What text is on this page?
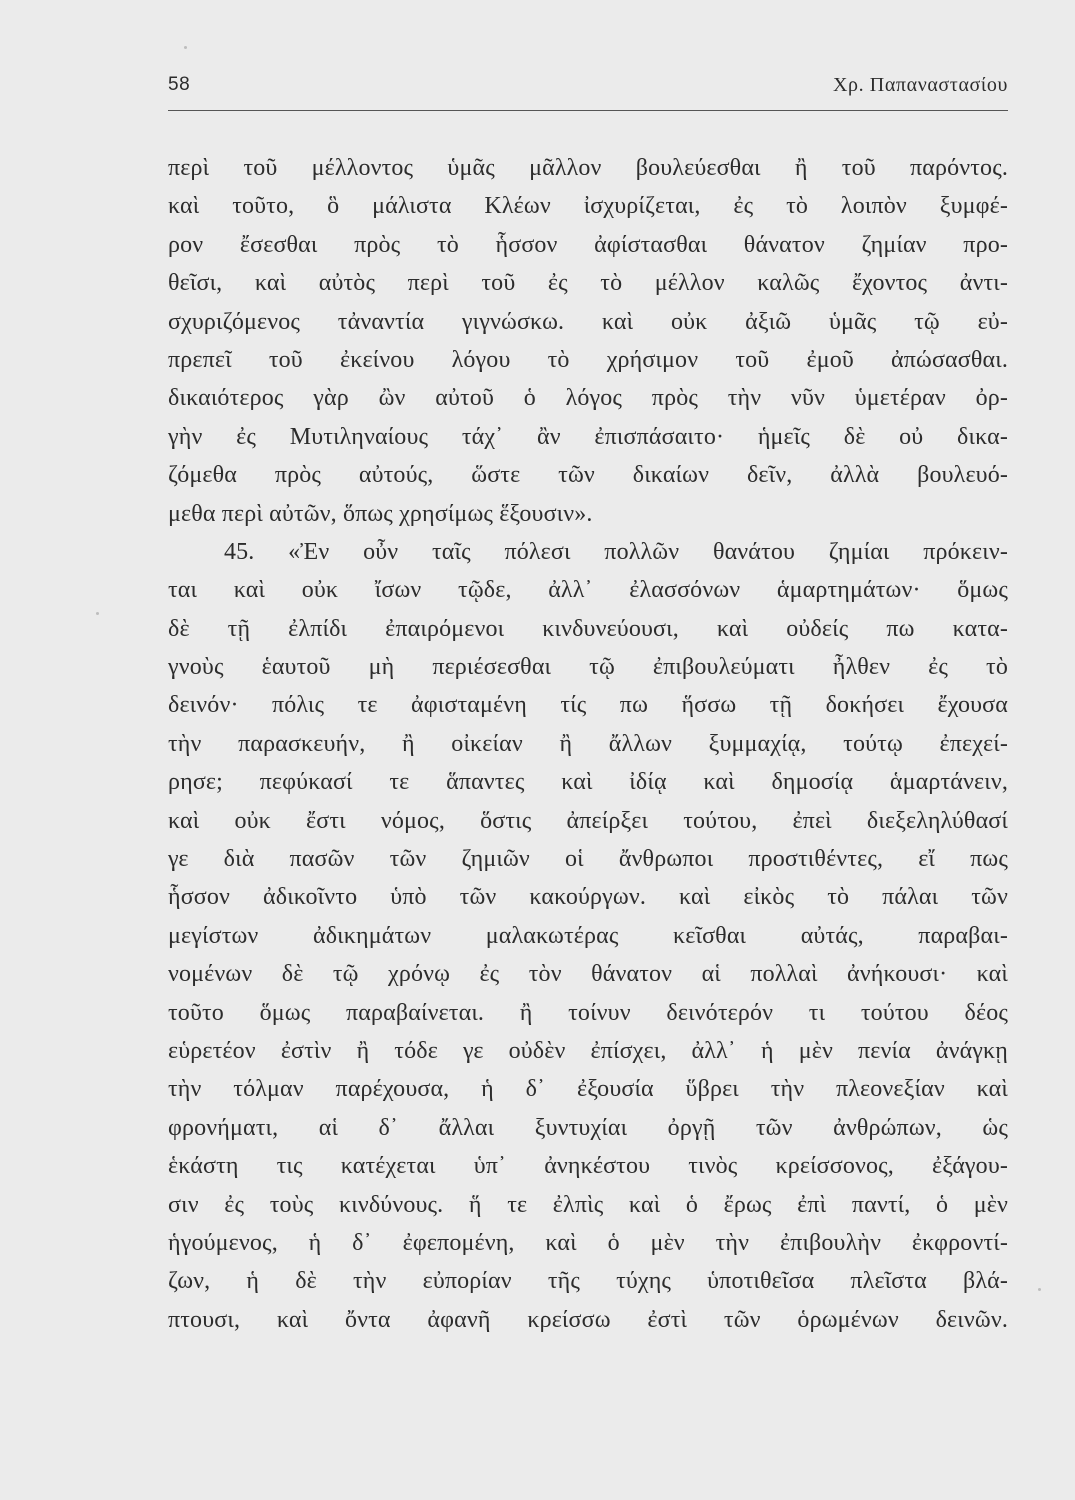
58	Χρ. Παπαναστασίου
περὶ τοῦ μέλλοντος ὑμᾶς μᾶλλον βουλεύεσθαι ἢ τοῦ παρόντος.
καὶ τοῦτο, ὃ μάλιστα Κλέων ἰσχυρίζεται, ἐς τὸ λοιπὸν ξυμφέ-
ρον ἔσεσθαι πρὸς τὸ ἧσσον ἀφίστασθαι θάνατον ζημίαν προ-
θεῖσι, καὶ αὐτὸς περὶ τοῦ ἐς τὸ μέλλον καλῶς ἔχοντος ἀντι-
σχυριζόμενος τἀναντία γιγνώσκω. καὶ οὐκ ἀξιῶ ὑμᾶς τῷ εὐ-
πρεπεῖ τοῦ ἐκείνου λόγου τὸ χρήσιμον τοῦ ἐμοῦ ἀπώσασθαι.
δικαιότερος γὰρ ὢν αὐτοῦ ὁ λόγος πρὸς τὴν νῦν ὑμετέραν ὀρ-
γὴν ἐς Μυτιληναίους τάχ᾽ ἂν ἐπισπάσαιτο· ἡμεῖς δὲ οὐ δικα-
ζόμεθα πρὸς αὐτούς, ὥστε τῶν δικαίων δεῖν, ἀλλὰ βουλευό-
μεθα περὶ αὐτῶν, ὅπως χρησίμως ἕξουσιν».
45. «Ἐν οὖν ταῖς πόλεσι πολλῶν θανάτου ζημίαι πρόκειν-
ται καὶ οὐκ ἴσων τῷδε, ἀλλ᾽ ἐλασσόνων ἁμαρτημάτων· ὅμως
δὲ τῇ ἐλπίδι ἐπαιρόμενοι κινδυνεύουσι, καὶ οὐδείς πω κατα-
γνοὺς ἑαυτοῦ μὴ περιέσεσθαι τῷ ἐπιβουλεύματι ἦλθεν ἐς τὸ
δεινόν· πόλις τε ἀφισταμένη τίς πω ἥσσω τῇ δοκήσει ἔχουσα
τὴν παρασκευήν, ἢ οἰκείαν ἢ ἄλλων ξυμμαχίᾳ, τούτῳ ἐπεχεί-
ρησε; πεφύκασί τε ἅπαντες καὶ ἰδίᾳ καὶ δημοσίᾳ ἁμαρτάνειν,
καὶ οὐκ ἔστι νόμος, ὅστις ἀπείρξει τούτου, ἐπεὶ διεξεληλύθασί
γε διὰ πασῶν τῶν ζημιῶν οἱ ἄνθρωποι προστιθέντες, εἴ πως
ἧσσον ἀδικοῖντο ὑπὸ τῶν κακούργων. καὶ εἰκὸς τὸ πάλαι τῶν
μεγίστων ἀδικημάτων μαλακωτέρας κεῖσθαι αὐτάς, παραβαι-
νομένων δὲ τῷ χρόνῳ ἐς τὸν θάνατον αἱ πολλαὶ ἀνήκουσι· καὶ
τοῦτο ὅμως παραβαίνεται. ἢ τοίνυν δεινότερόν τι τούτου δέος
εὑρετέον ἐστὶν ἢ τόδε γε οὐδὲν ἐπίσχει, ἀλλ᾽ ἡ μὲν πενία ἀνάγκῃ
τὴν τόλμαν παρέχουσα, ἡ δ᾽ ἐξουσία ὕβρει τὴν πλεονεξίαν καὶ
φρονήματι, αἱ δ᾽ ἄλλαι ξυντυχίαι ὀργῇ τῶν ἀνθρώπων, ὡς
ἑκάστη τις κατέχεται ὑπ᾽ ἀνηκέστου τινὸς κρείσσονος, ἐξάγου-
σιν ἐς τοὺς κινδύνους. ἥ τε ἐλπὶς καὶ ὁ ἔρως ἐπὶ παντί, ὁ μὲν
ἡγούμενος, ἡ δ᾽ ἐφεπομένη, καὶ ὁ μὲν τὴν ἐπιβουλὴν ἐκφροντί-
ζων, ἡ δὲ τὴν εὐπορίαν τῆς τύχης ὑποτιθεῖσα πλεῖστα βλά-
πτουσι, καὶ ὄντα ἀφανῆ κρείσσω ἐστὶ τῶν ὁρωμένων δεινῶν.
